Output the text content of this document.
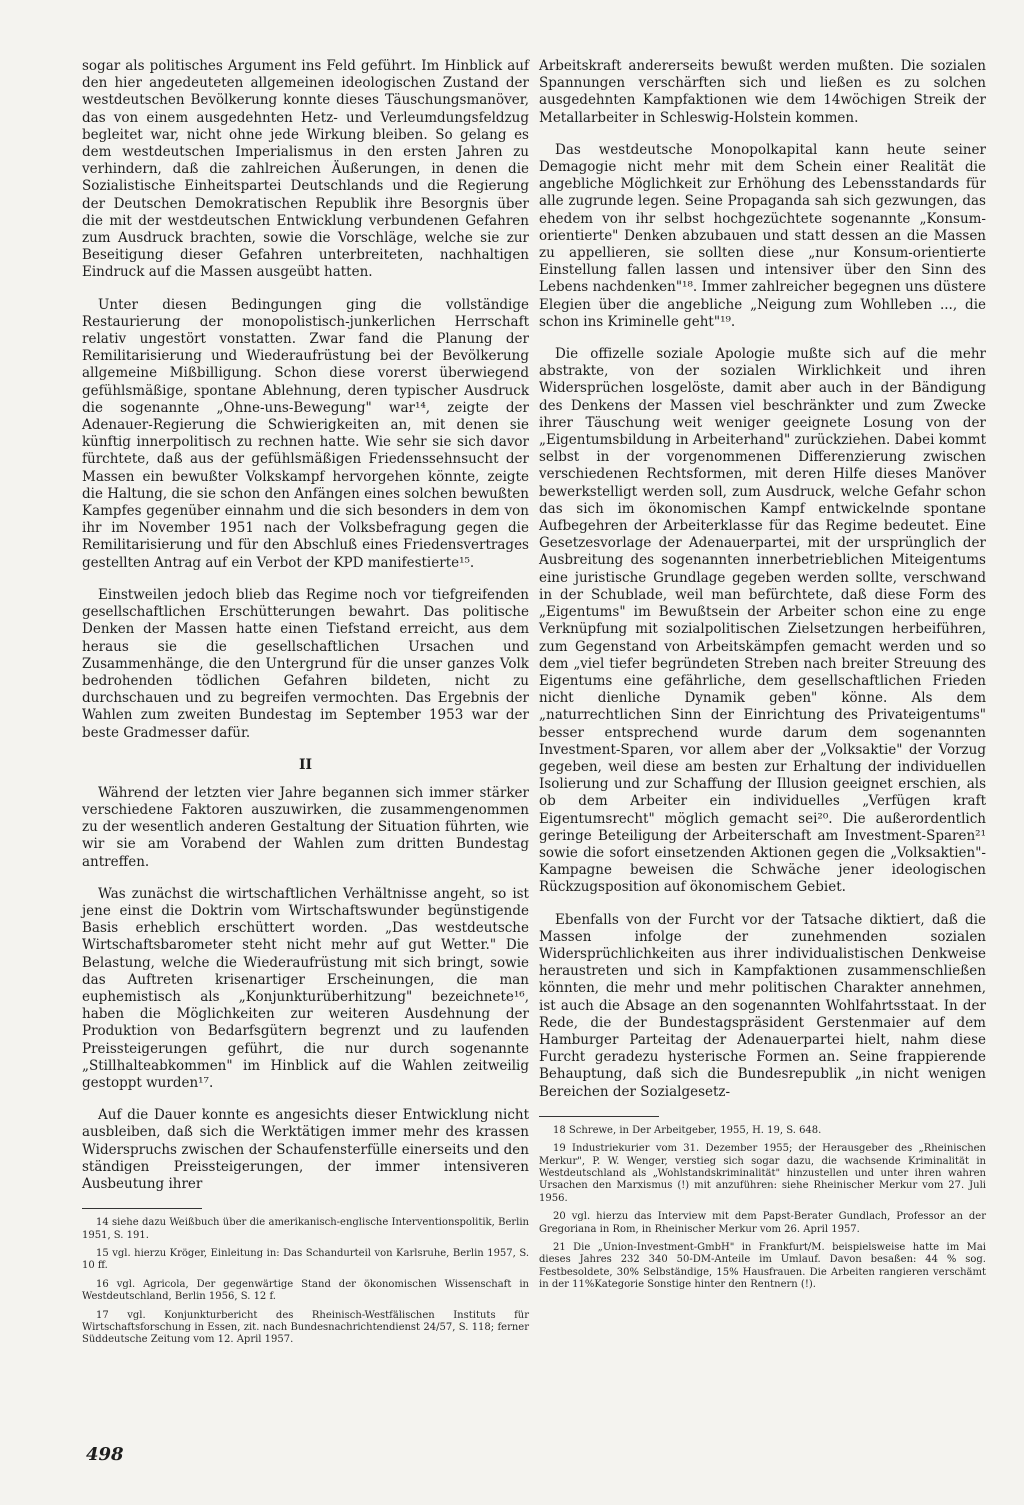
sogar als politisches Argument ins Feld geführt. Im Hinblick auf den hier angedeuteten allgemeinen ideologischen Zustand der westdeutschen Bevölkerung konnte dieses Täuschungsmanöver, das von einem ausgedehnten Hetz- und Verleumdungsfeldzug begleitet war, nicht ohne jede Wirkung bleiben. So gelang es dem westdeutschen Imperialismus in den ersten Jahren zu verhindern, daß die zahlreichen Äußerungen, in denen die Sozialistische Einheitspartei Deutschlands und die Regierung der Deutschen Demokratischen Republik ihre Besorgnis über die mit der westdeutschen Entwicklung verbundenen Gefahren zum Ausdruck brachten, sowie die Vorschläge, welche sie zur Beseitigung dieser Gefahren unterbreiteten, nachhaltigen Eindruck auf die Massen ausgeübt hatten.

Unter diesen Bedingungen ging die vollständige Restaurierung der monopolistisch-junkerlichen Herrschaft relativ ungestört vonstatten. Zwar fand die Planung der Remilitarisierung und Wiederaufrüstung bei der Bevölkerung allgemeine Mißbilligung. Schon diese vorerst überwiegend gefühlsmäßige, spontane Ablehnung, deren typischer Ausdruck die sogenannte „Ohne-uns-Bewegung" war¹⁴, zeigte der Adenauer-Regierung die Schwierigkeiten an, mit denen sie künftig innerpolitisch zu rechnen hatte. Wie sehr sie sich davor fürchtete, daß aus der gefühlsmäßigen Friedenssehnsucht der Massen ein bewußter Volkskampf hervorgehen könnte, zeigte die Haltung, die sie schon den Anfängen eines solchen bewußten Kampfes gegenüber einnahm und die sich besonders in dem von ihr im November 1951 nach der Volksbefragung gegen die Remilitarisierung und für den Abschluß eines Friedensvertrages gestellten Antrag auf ein Verbot der KPD manifestierte¹⁵.

Einstweilen jedoch blieb das Regime noch vor tiefgreifenden gesellschaftlichen Erschütterungen bewahrt. Das politische Denken der Massen hatte einen Tiefstand erreicht, aus dem heraus sie die gesellschaftlichen Ursachen und Zusammenhänge, die den Untergrund für die unser ganzes Volk bedrohenden tödlichen Gefahren bildeten, nicht zu durchschauen und zu begreifen vermochten. Das Ergebnis der Wahlen zum zweiten Bundestag im September 1953 war der beste Gradmesser dafür.

II

Während der letzten vier Jahre begannen sich immer stärker verschiedene Faktoren auszuwirken, die zusammengenommen zu der wesentlich anderen Gestaltung der Situation führten, wie wir sie am Vorabend der Wahlen zum dritten Bundestag antreffen.

Was zunächst die wirtschaftlichen Verhältnisse angeht, so ist jene einst die Doktrin vom Wirtschaftswunder begünstigende Basis erheblich erschüttert worden. „Das westdeutsche Wirtschaftsbarometer steht nicht mehr auf gut Wetter." Die Belastung, welche die Wiederaufrüstung mit sich bringt, sowie das Auftreten krisenartiger Erscheinungen, die man euphemistisch als „Konjunkturüberhitzung" bezeichnete¹⁶, haben die Möglichkeiten zur weiteren Ausdehnung der Produktion von Bedarfsgütern begrenzt und zu laufenden Preissteigerungen geführt, die nur durch sogenannte „Stillhalteabkommen" im Hinblick auf die Wahlen zeitweilig gestoppt wurden¹⁷.

Auf die Dauer konnte es angesichts dieser Entwicklung nicht ausbleiben, daß sich die Werktätigen immer mehr des krassen Widerspruchs zwischen der Schaufensterfülle einerseits und den ständigen Preissteigerungen, der immer intensiveren Ausbeutung ihrer

14 siehe dazu Weißbuch über die amerikanisch-englische Interventionspolitik, Berlin 1951, S. 191.
15 vgl. hierzu Kröger, Einleitung in: Das Schandurteil von Karlsruhe, Berlin 1957, S. 10 ff.
16 vgl. Agricola, Der gegenwärtige Stand der ökonomischen Wissenschaft in Westdeutschland, Berlin 1956, S. 12 f.
17 vgl. Konjunkturbericht des Rheinisch-Westfälischen Instituts für Wirtschaftsforschung in Essen, zit. nach Bundesnachrichtendienst 24/57, S. 118; ferner Süddeutsche Zeitung vom 12. April 1957.

Arbeitskraft andererseits bewußt werden mußten. Die sozialen Spannungen verschärften sich und ließen es zu solchen ausgedehnten Kampfaktionen wie dem 14wöchigen Streik der Metallarbeiter in Schleswig-Holstein kommen.

Das westdeutsche Monopolkapital kann heute seiner Demagogie nicht mehr mit dem Schein einer Realität die angebliche Möglichkeit zur Erhöhung des Lebensstandards für alle zugrunde legen. Seine Propaganda sah sich gezwungen, das ehedem von ihr selbst hochgezüchtete sogenannte „Konsum-orientierte" Denken abzubauen und statt dessen an die Massen zu appellieren, sie sollten diese „nur Konsum-orientierte Einstellung fallen lassen und intensiver über den Sinn des Lebens nachdenken"¹⁸. Immer zahlreicher begegnen uns düstere Elegien über die angebliche „Neigung zum Wohlleben ..., die schon ins Kriminelle geht"¹⁹.

Die offizelle soziale Apologie mußte sich auf die mehr abstrakte, von der sozialen Wirklichkeit und ihren Widersprüchen losgelöste, damit aber auch in der Bändigung des Denkens der Massen viel beschränkter und zum Zwecke ihrer Täuschung weit weniger geeignete Losung von der „Eigentumsbildung in Arbeiterhand" zurückziehen. Dabei kommt selbst in der vorgenommenen Differenzierung zwischen verschiedenen Rechtsformen, mit deren Hilfe dieses Manöver bewerkstelligt werden soll, zum Ausdruck, welche Gefahr schon das sich im ökonomischen Kampf entwickelnde spontane Aufbegehren der Arbeiterklasse für das Regime bedeutet. Eine Gesetzesvorlage der Adenauerpartei, mit der ursprünglich der Ausbreitung des sogenannten innerbetrieblichen Miteigentums eine juristische Grundlage gegeben werden sollte, verschwand in der Schublade, weil man befürchtete, daß diese Form des „Eigentums" im Bewußtsein der Arbeiter schon eine zu enge Verknüpfung mit sozialpolitischen Zielsetzungen herbeiführen, zum Gegenstand von Arbeitskämpfen gemacht werden und so dem „viel tiefer begründeten Streben nach breiter Streuung des Eigentums eine gefährliche, dem gesellschaftlichen Frieden nicht dienliche Dynamik geben" könne. Als dem „naturrechtlichen Sinn der Einrichtung des Privateigentums" besser entsprechend wurde darum dem sogenannten Investment-Sparen, vor allem aber der „Volksaktie" der Vorzug gegeben, weil diese am besten zur Erhaltung der individuellen Isolierung und zur Schaffung der Illusion geeignet erschien, als ob dem Arbeiter ein individuelles „Verfügen kraft Eigentumsrecht" möglich gemacht sei²⁰. Die außerordentlich geringe Beteiligung der Arbeiterschaft am Investment-Sparen²¹ sowie die sofort einsetzenden Aktionen gegen die „Volksaktien"-Kampagne beweisen die Schwäche jener ideologischen Rückzugsposition auf ökonomischem Gebiet.

Ebenfalls von der Furcht vor der Tatsache diktiert, daß die Massen infolge der zunehmenden sozialen Widersprüchlichkeiten aus ihrer individualistischen Denkweise heraustreten und sich in Kampfaktionen zusammenschließen könnten, die mehr und mehr politischen Charakter annehmen, ist auch die Absage an den sogenannten Wohlfahrtsstaat. In der Rede, die der Bundestagspräsident Gerstenmaier auf dem Hamburger Parteitag der Adenauerpartei hielt, nahm diese Furcht geradezu hysterische Formen an. Seine frappierende Behauptung, daß sich die Bundesrepublik „in nicht wenigen Bereichen der Sozialgesetz-

18 Schrewe, in Der Arbeitgeber, 1955, H. 19, S. 648.
19 Industriekurier vom 31. Dezember 1955; der Herausgeber des „Rheinischen Merkur", P. W. Wenger, verstieg sich sogar dazu, die wachsende Kriminalität in Westdeutschland als „Wohlstandskriminalität" hinzustellen und unter ihren wahren Ursachen den Marxismus (!) mit anzuführen: siehe Rheinischer Merkur vom 27. Juli 1956.
20 vgl. hierzu das Interview mit dem Papst-Berater Gundlach, Professor an der Gregoriana in Rom, in Rheinischer Merkur vom 26. April 1957.
21 Die „Union-Investment-GmbH" in Frankfurt/M. beispielsweise hatte im Mai dieses Jahres 232 340 50-DM-Anteile im Umlauf. Davon besaßen: 44 % sog. Festbesoldete, 30% Selbständige, 15% Hausfrauen. Die Arbeiten rangieren verschämt in der 11%Kategorie Sonstige hinter den Rentnern (!).
498
